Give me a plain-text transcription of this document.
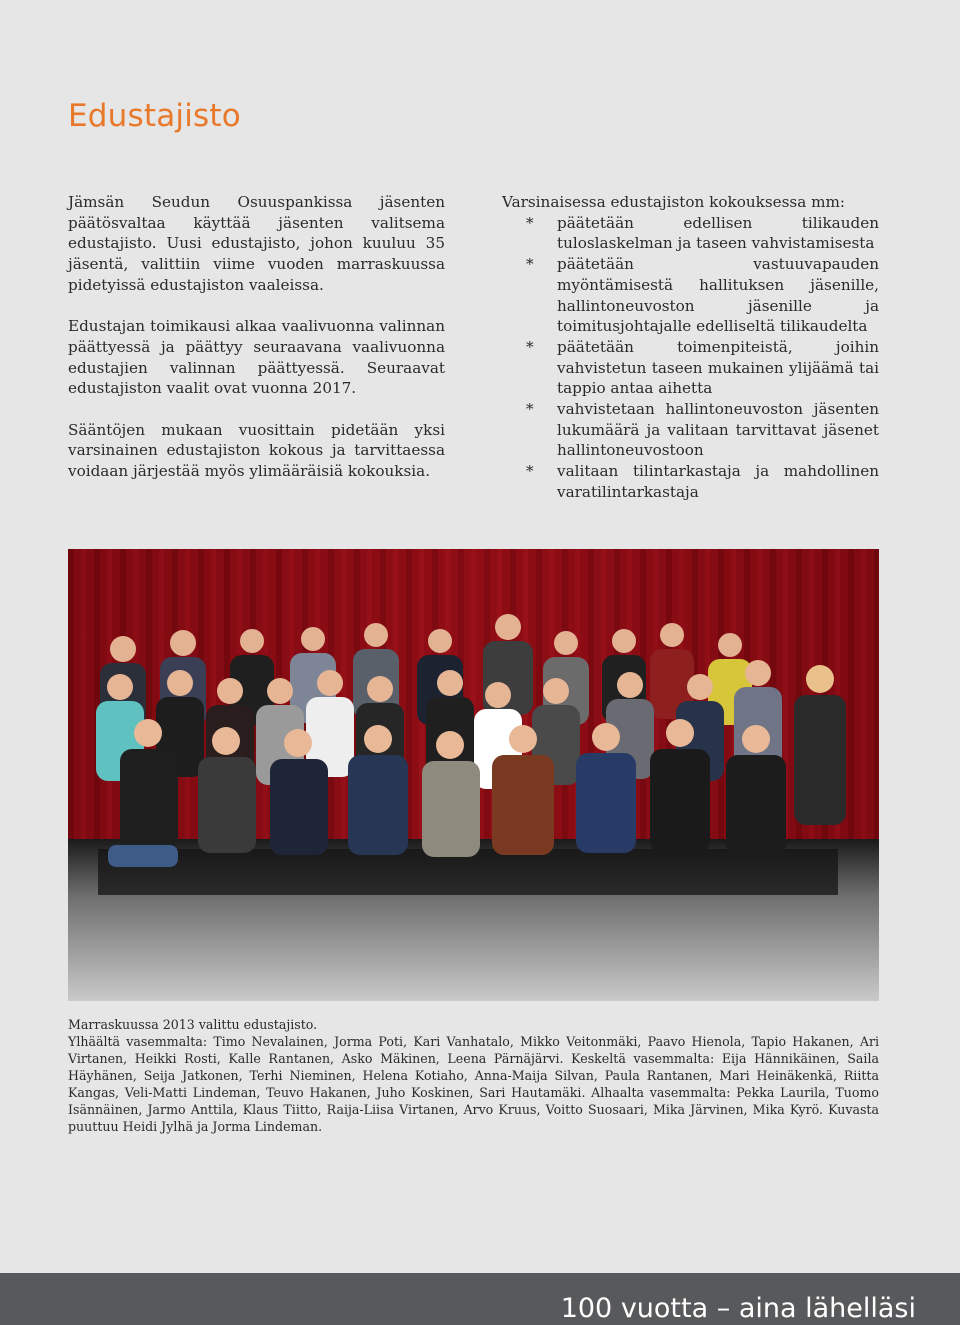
Edustajisto

Jämsän Seudun Osuuspankissa jäsenten päätösvaltaa käyttää jäsenten valitsema edustajisto. Uusi edustajisto, johon kuuluu 35 jäsentä, valittiin viime vuoden marraskuussa pidetyissä edustajiston vaaleissa.

Edustajan toimikausi alkaa vaalivuonna valinnan päättyessä ja päättyy seuraavana vaalivuonna edustajien valinnan päättyessä. Seuraavat edustajiston vaalit ovat vuonna 2017.

Sääntöjen mukaan vuosittain pidetään yksi varsinainen edustajiston kokous ja tarvittaessa voidaan järjestää myös ylimääräisiä kokouksia.

Varsinaisessa edustajiston kokouksessa mm:
* päätetään edellisen tilikauden tuloslaskelman ja taseen vahvistamisesta
* päätetään vastuuvapauden myöntämisestä hallituksen jäsenille, hallintoneuvoston jäsenille ja toimitusjohtajalle edelliseltä tilikaudelta
* päätetään toimenpiteistä, joihin vahvistetun taseen mukainen ylijäämä tai tappio antaa aihetta
* vahvistetaan hallintoneuvoston jäsenten lukumäärä ja valitaan tarvittavat jäsenet hallintoneuvostoon
* valitaan tilintarkastaja ja mahdollinen varatilintarkastaja
Marraskuussa 2013 valittu edustajisto.
Ylhäältä vasemmalta: Timo Nevalainen, Jorma Poti, Kari Vanhatalo, Mikko Veitonmäki, Paavo Hienola, Tapio Hakanen, Ari Virtanen, Heikki Rosti, Kalle Rantanen, Asko Mäkinen, Leena Pärnäjärvi. Keskeltä vasemmalta: Eija Hännikäinen, Saila Häyhänen, Seija Jatkonen, Terhi Nieminen, Helena Kotiaho, Anna-Maija Silvan, Paula Rantanen, Mari Heinäkenkä, Riitta Kangas, Veli-Matti Lindeman, Teuvo Hakanen, Juho Koskinen, Sari Hautamäki. Alhaalta vasemmalta: Pekka Laurila, Tuomo Isännäinen, Jarmo Anttila, Klaus Tiitto, Raija-Liisa Virtanen, Arvo Kruus, Voitto Suosaari, Mika Järvinen, Mika Kyrö. Kuvasta puuttuu Heidi Jylhä ja Jorma Lindeman.
100 vuotta – aina lähelläsi
